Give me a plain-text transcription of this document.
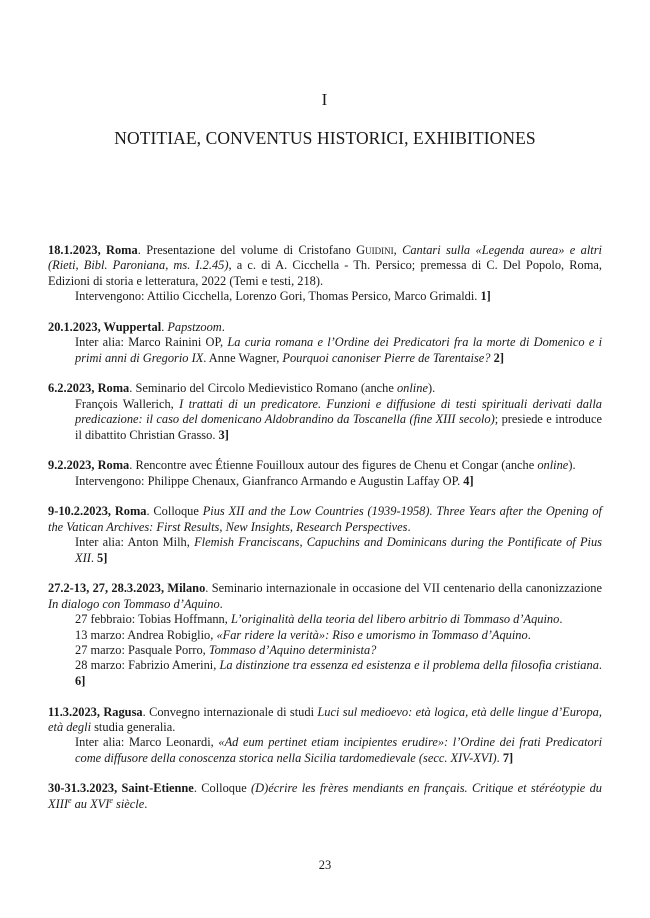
I
NOTITIAE, CONVENTUS HISTORICI, EXHIBITIONES
18.1.2023, Roma. Presentazione del volume di Cristofano Guidini, Cantari sulla «Legenda aurea» e altri (Rieti, Bibl. Paroniana, ms. I.2.45), a c. di A. Cicchella - Th. Persico; premessa di C. Del Popolo, Roma, Edizioni di storia e letteratura, 2022 (Temi e testi, 218).
Intervengono: Attilio Cicchella, Lorenzo Gori, Thomas Persico, Marco Grimaldi. 1]
20.1.2023, Wuppertal. Papstzoom.
Inter alia: Marco Rainini OP, La curia romana e l’Ordine dei Predicatori fra la morte di Domenico e i primi anni di Gregorio IX. Anne Wagner, Pourquoi canoniser Pierre de Tarentaise? 2]
6.2.2023, Roma. Seminario del Circolo Medievistico Romano (anche online).
François Wallerich, I trattati di un predicatore. Funzioni e diffusione di testi spirituali derivati dalla predicazione: il caso del domenicano Aldobrandino da Toscanella (fine XIII secolo); presiede e introduce il dibattito Christian Grasso. 3]
9.2.2023, Roma. Rencontre avec Étienne Fouilloux autour des figures de Chenu et Congar (anche online).
Intervengono: Philippe Chenaux, Gianfranco Armando e Augustin Laffay OP. 4]
9-10.2.2023, Roma. Colloque Pius XII and the Low Countries (1939-1958). Three Years after the Opening of the Vatican Archives: First Results, New Insights, Research Perspectives.
Inter alia: Anton Milh, Flemish Franciscans, Capuchins and Dominicans during the Pontificate of Pius XII. 5]
27.2-13, 27, 28.3.2023, Milano. Seminario internazionale in occasione del VII centenario della canonizzazione In dialogo con Tommaso d’Aquino.
27 febbraio: Tobias Hoffmann, L’originalità della teoria del libero arbitrio di Tommaso d’Aquino.
13 marzo: Andrea Robiglio, «Far ridere la verità»: Riso e umorismo in Tommaso d’Aquino.
27 marzo: Pasquale Porro, Tommaso d’Aquino determinista?
28 marzo: Fabrizio Amerini, La distinzione tra essenza ed esistenza e il problema della filosofia cristiana. 6]
11.3.2023, Ragusa. Convegno internazionale di studi Luci sul medioevo: età logica, età delle lingue d’Europa, età degli studia generalia.
Inter alia: Marco Leonardi, «Ad eum pertinet etiam incipientes erudire»: l’Ordine dei frati Predicatori come diffusore della conoscenza storica nella Sicilia tardomedievale (secc. XIV-XVI). 7]
30-31.3.2023, Saint-Etienne. Colloque (D)écrire les frères mendiants en français. Critique et stéréotypie du XIIIe au XVIe siècle.
23
